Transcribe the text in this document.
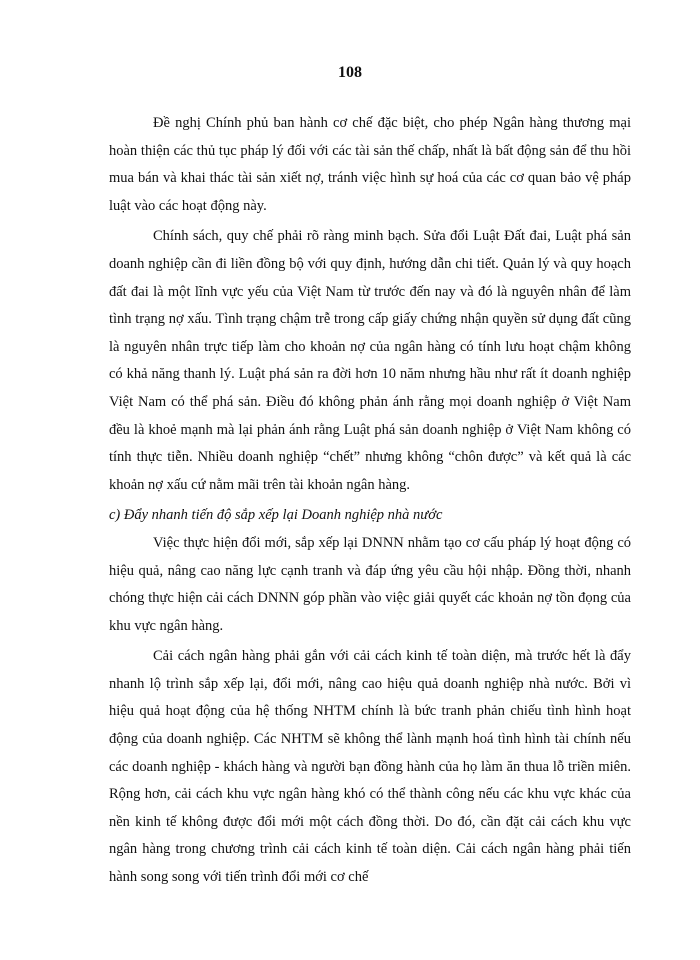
108

Đề nghị Chính phủ ban hành cơ chế đặc biệt, cho phép Ngân hàng thương mại hoàn thiện các thủ tục pháp lý đối với các tài sản thế chấp, nhất là bất động sản để thu hồi mua bán và khai thác tài sản xiết nợ, tránh việc hình sự hoá của các cơ quan bảo vệ pháp luật vào các hoạt động này.

Chính sách, quy chế phải rõ ràng minh bạch. Sửa đổi Luật Đất đai, Luật phá sản doanh nghiệp cần đi liền đồng bộ với quy định, hướng dẫn chi tiết. Quản lý và quy hoạch đất đai là một lĩnh vực yếu của Việt Nam từ trước đến nay và đó là nguyên nhân để làm tình trạng nợ xấu. Tình trạng chậm trễ trong cấp giấy chứng nhận quyền sử dụng đất cũng là nguyên nhân trực tiếp làm cho khoản nợ của ngân hàng có tính lưu hoạt chậm không có khả năng thanh lý. Luật phá sản ra đời hơn 10 năm nhưng hầu như rất ít doanh nghiệp Việt Nam có thể phá sản. Điều đó không phản ánh rằng mọi doanh nghiệp ở Việt Nam đều là khoẻ mạnh mà lại phản ánh rằng Luật phá sản doanh nghiệp ở Việt Nam không có tính thực tiễn. Nhiều doanh nghiệp “chết” nhưng không “chôn được” và kết quả là các khoản nợ xấu cứ nằm mãi trên tài khoản ngân hàng.

c) Đẩy nhanh tiến độ sắp xếp lại Doanh nghiệp nhà nước

Việc thực hiện đổi mới, sắp xếp lại DNNN nhằm tạo cơ cấu pháp lý hoạt động có hiệu quả, nâng cao năng lực cạnh tranh và đáp ứng yêu cầu hội nhập. Đồng thời, nhanh chóng thực hiện cải cách DNNN góp phần vào việc giải quyết các khoản nợ tồn đọng của khu vực ngân hàng.

Cải cách ngân hàng phải gắn với cải cách kinh tế toàn diện, mà trước hết là đẩy nhanh lộ trình sắp xếp lại, đổi mới, nâng cao hiệu quả doanh nghiệp nhà nước. Bởi vì hiệu quả hoạt động của hệ thống NHTM chính là bức tranh phản chiếu tình hình hoạt động của doanh nghiệp. Các NHTM sẽ không thể lành mạnh hoá tình hình tài chính nếu các doanh nghiệp - khách hàng và người bạn đồng hành của họ làm ăn thua lỗ triền miên. Rộng hơn, cải cách khu vực ngân hàng khó có thể thành công nếu các khu vực khác của nền kinh tế không được đổi mới một cách đồng thời. Do đó, cần đặt cải cách khu vực ngân hàng trong chương trình cải cách kinh tế toàn diện. Cải cách ngân hàng phải tiến hành song song với tiến trình đổi mới cơ chế
